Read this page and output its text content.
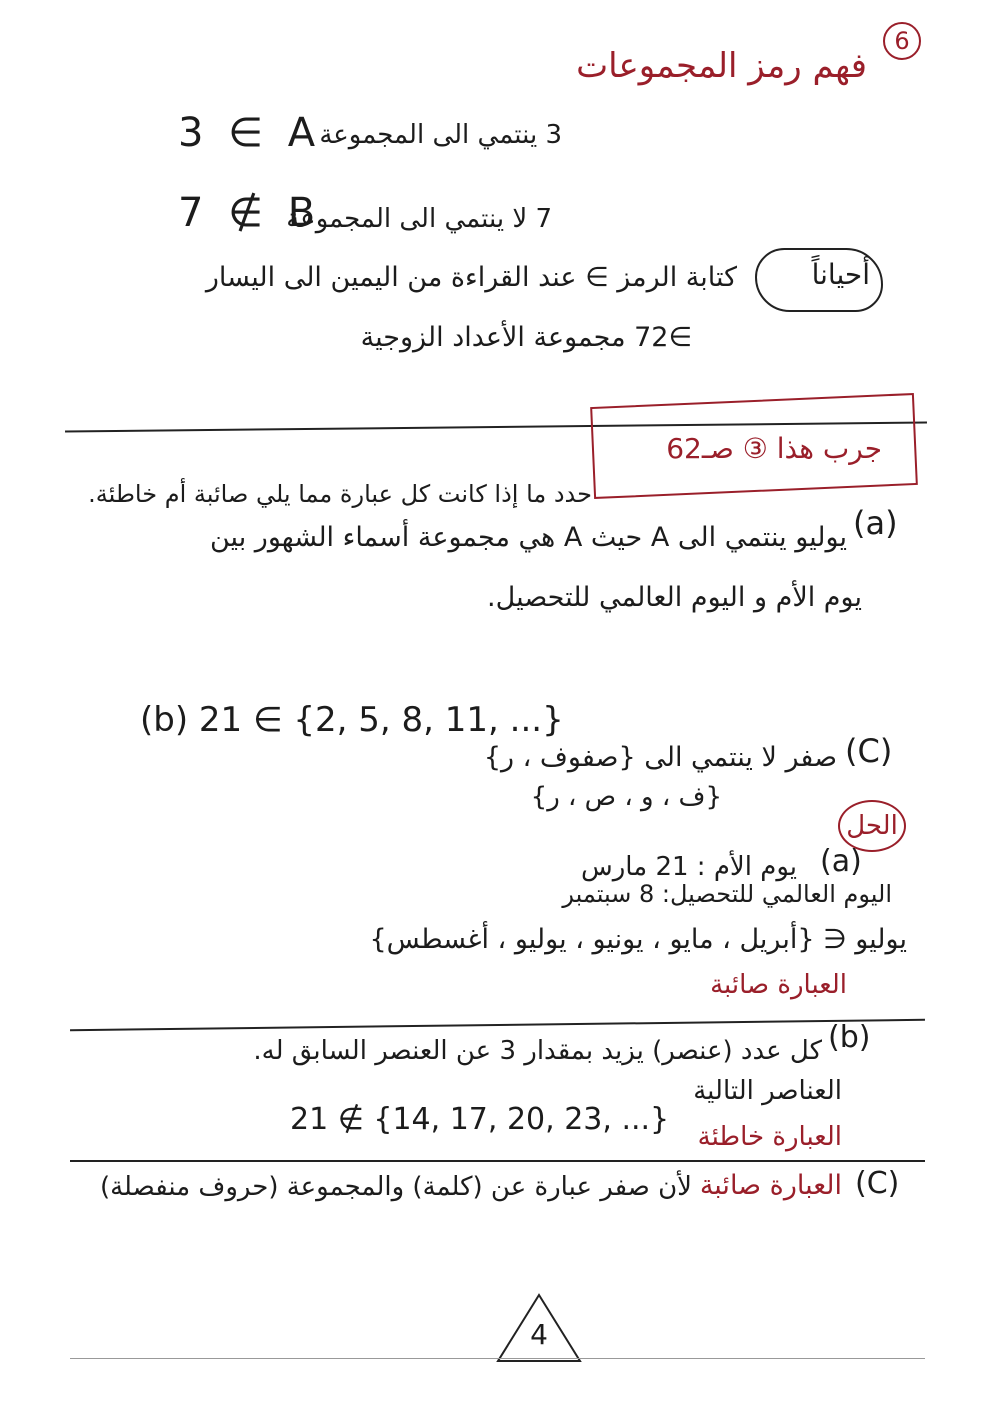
6
فهم رمز المجموعات
3 ∈ A
3 ينتمي الى المجموعة
7 ∉ B
7 لا ينتمي الى المجموعة
أحياناً
كتابة الرمز ∋ عند القراءة من اليمين الى اليسار
∋72 مجموعة الأعداد الزوجية
جرب هذا ③ صـ62
حدد ما إذا كانت كل عبارة مما يلي صائبة أم خاطئة.
(a)
يوليو ينتمي الى A حيث A هي مجموعة أسماء الشهور بين
يوم الأم و اليوم العالمي للتحصيل.
(b) 21 ∈ {2, 5, 8, 11, ...}
(C)
صفر لا ينتمي الى {صفوف ، ر}
{ف ، و ، ص ، ر}
الحل
(a)
يوم الأم : 21 مارس
اليوم العالمي للتحصيل: 8 سبتمبر
يوليو ∈ {أبريل ، مايو ، يونيو ، يوليو ، أغسطس}
العبارة صائبة
(b)
كل عدد (عنصر) يزيد بمقدار 3 عن العنصر السابق له.
العناصر التالية
21 ∉ {14, 17, 20, 23, ...} العبارة خاطئة
(C)
العبارة صائبة
لأن صفر عبارة عن (كلمة) والمجموعة (حروف منفصلة)
4
